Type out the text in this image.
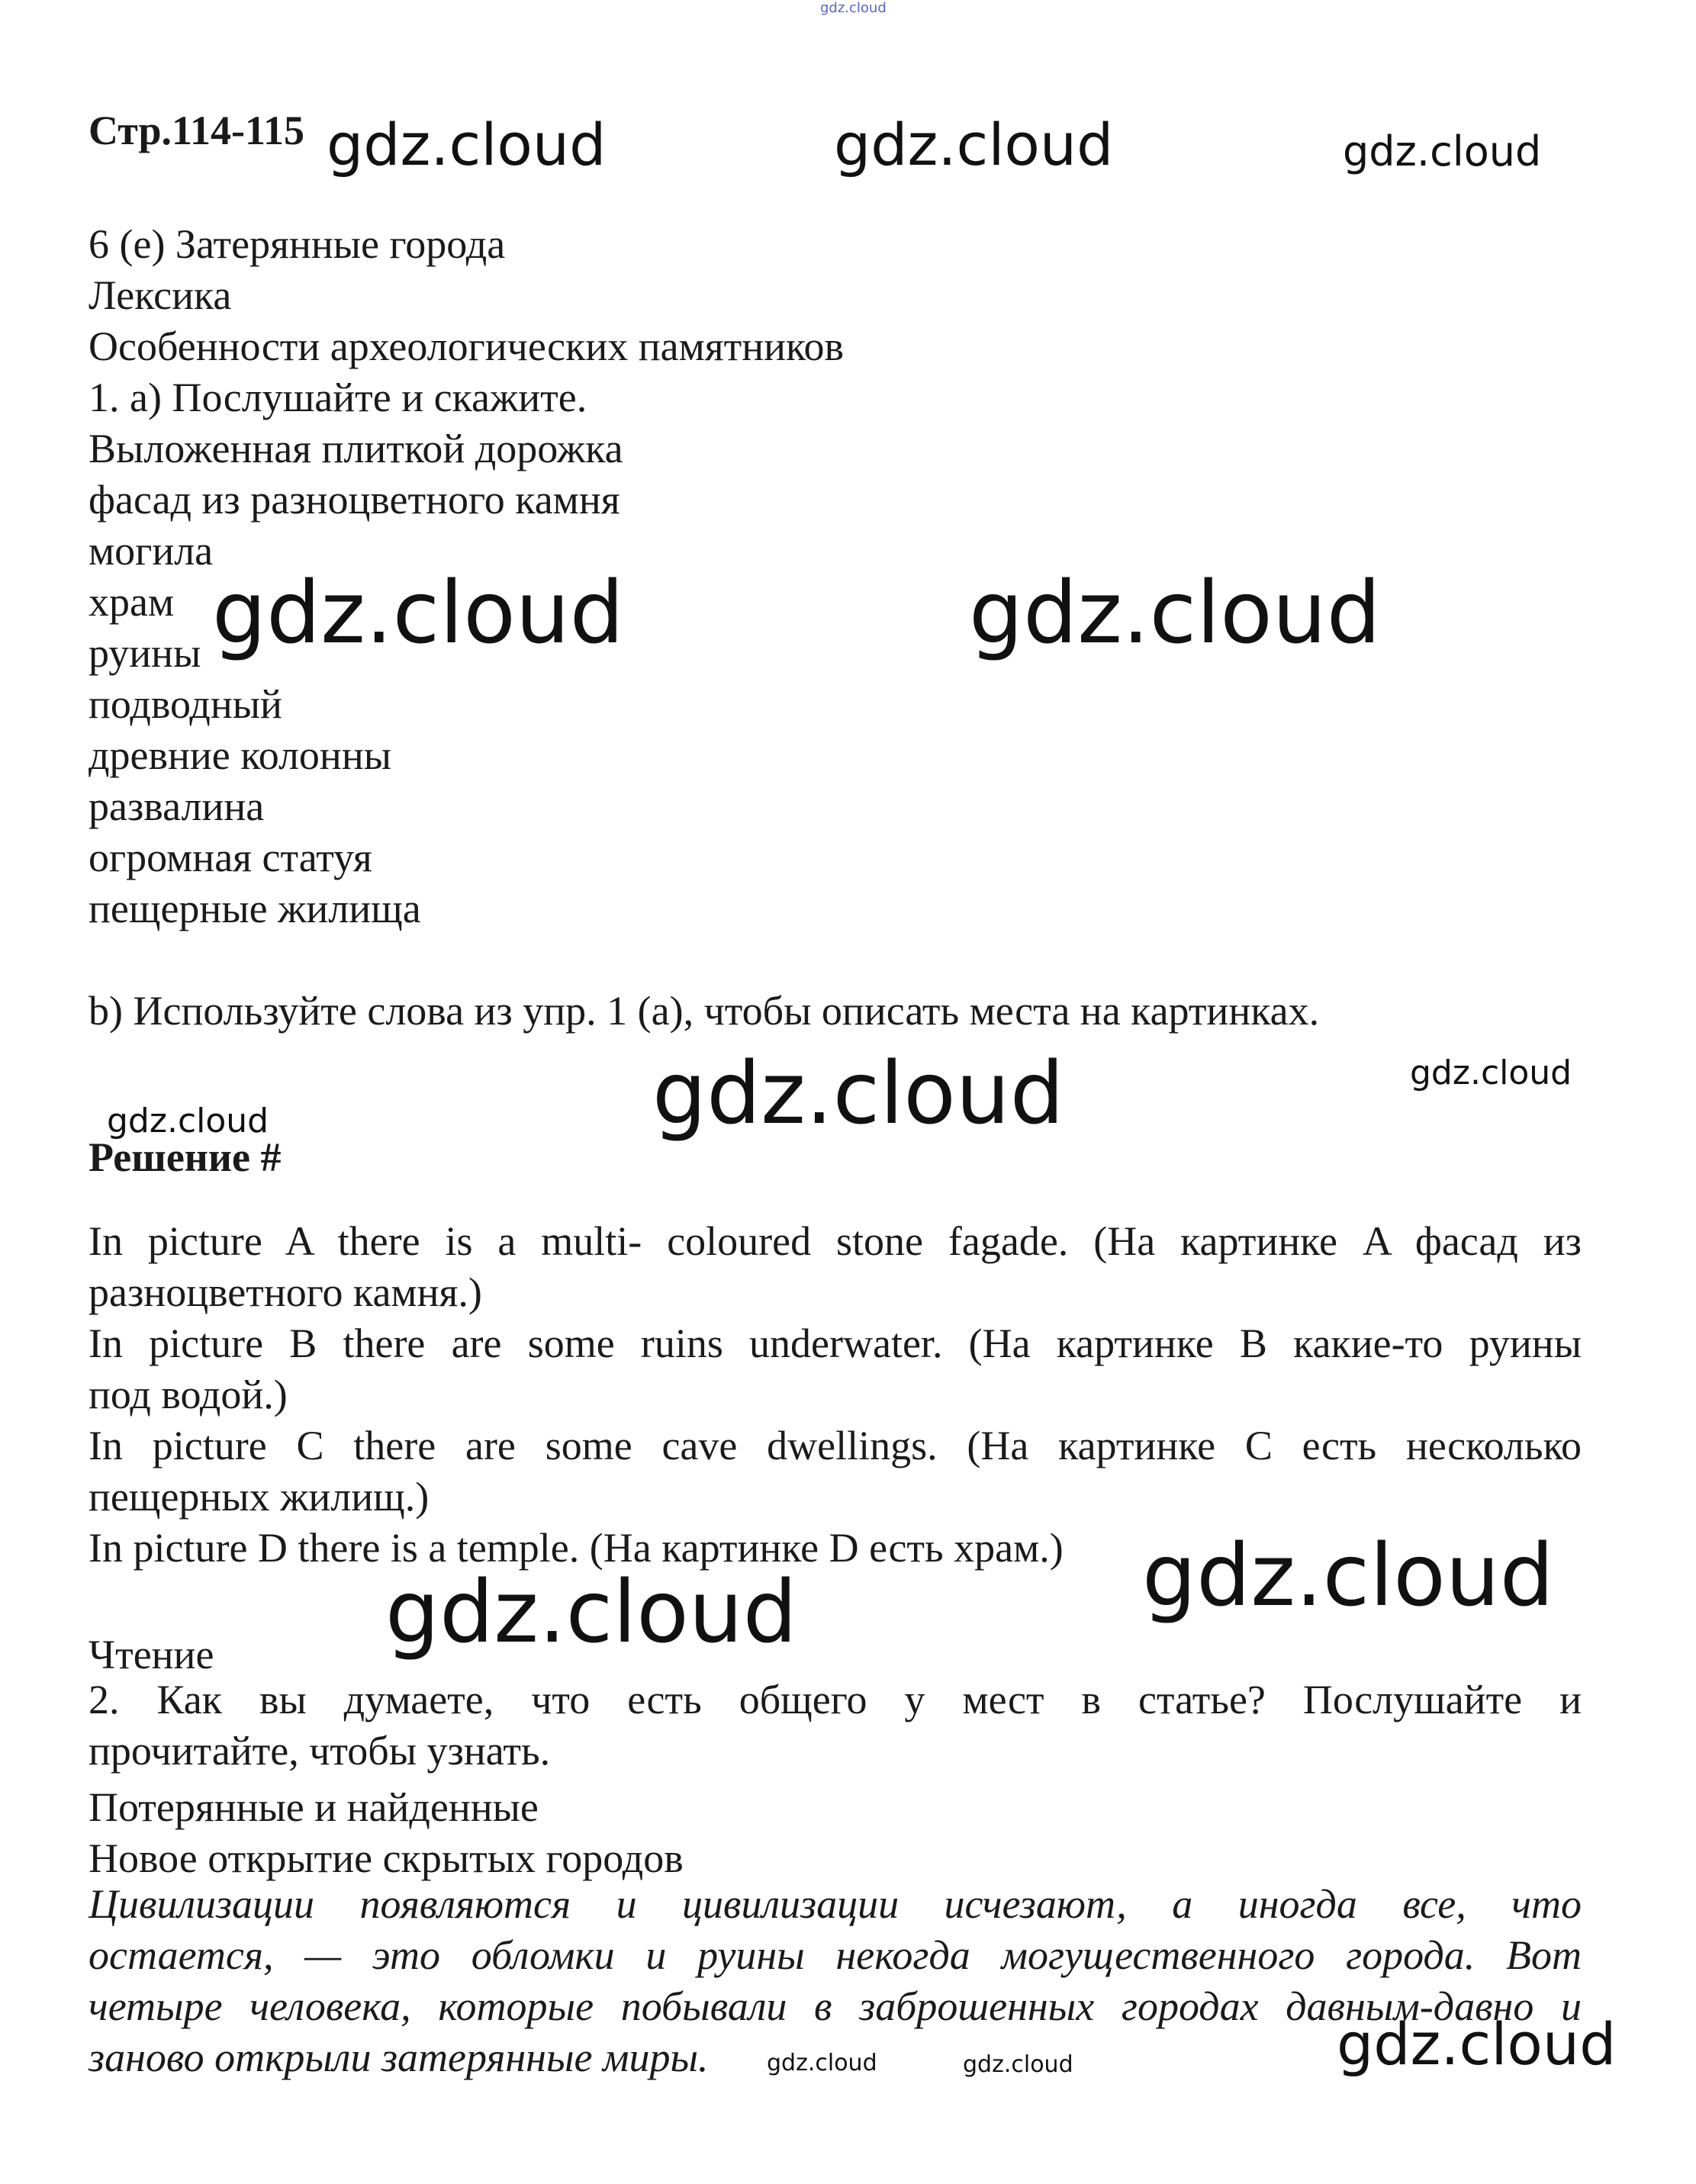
gdz.cloud
gdz.cloud	gdz.cloud	gdz.cloud
gdz.cloud	gdz.cloud
gdz.cloud	gdz.cloud
gdz.cloud
gdz.cloud
gdz.cloud
gdz.cloud	gdz.cloud	gdz.cloud
Стр.114-115
6 (e) Затерянные города
Лексика
Особенности археологических памятников
1. a) Послушайте и скажите.
Выложенная плиткой дорожка
фасад из разноцветного камня
могила
храм
руины
подводный
древние колонны
развалина
огромная статуя
пещерные жилища
b) Используйте слова из упр. 1 (a), чтобы описать места на картинках.
Решение #
In picture A there is a multi- coloured stone fagade. (На картинке A фасад из
разноцветного камня.)
In picture B there are some ruins underwater. (На картинке B какие-то руины
под водой.)
In picture C there are some cave dwellings. (На картинке C есть несколько
пещерных жилищ.)
In picture D there is a temple. (На картинке D есть храм.)
Чтение
2. Как вы думаете, что есть общего у мест в статье? Послушайте и
прочитайте, чтобы узнать.
Потерянные и найденные
Новое открытие скрытых городов
Цивилизации появляются и цивилизации исчезают, а иногда все, что
остается, — это обломки и руины некогда могущественного города. Вот
четыре человека, которые побывали в заброшенных городах давным-давно и
заново открыли затерянные миры.
